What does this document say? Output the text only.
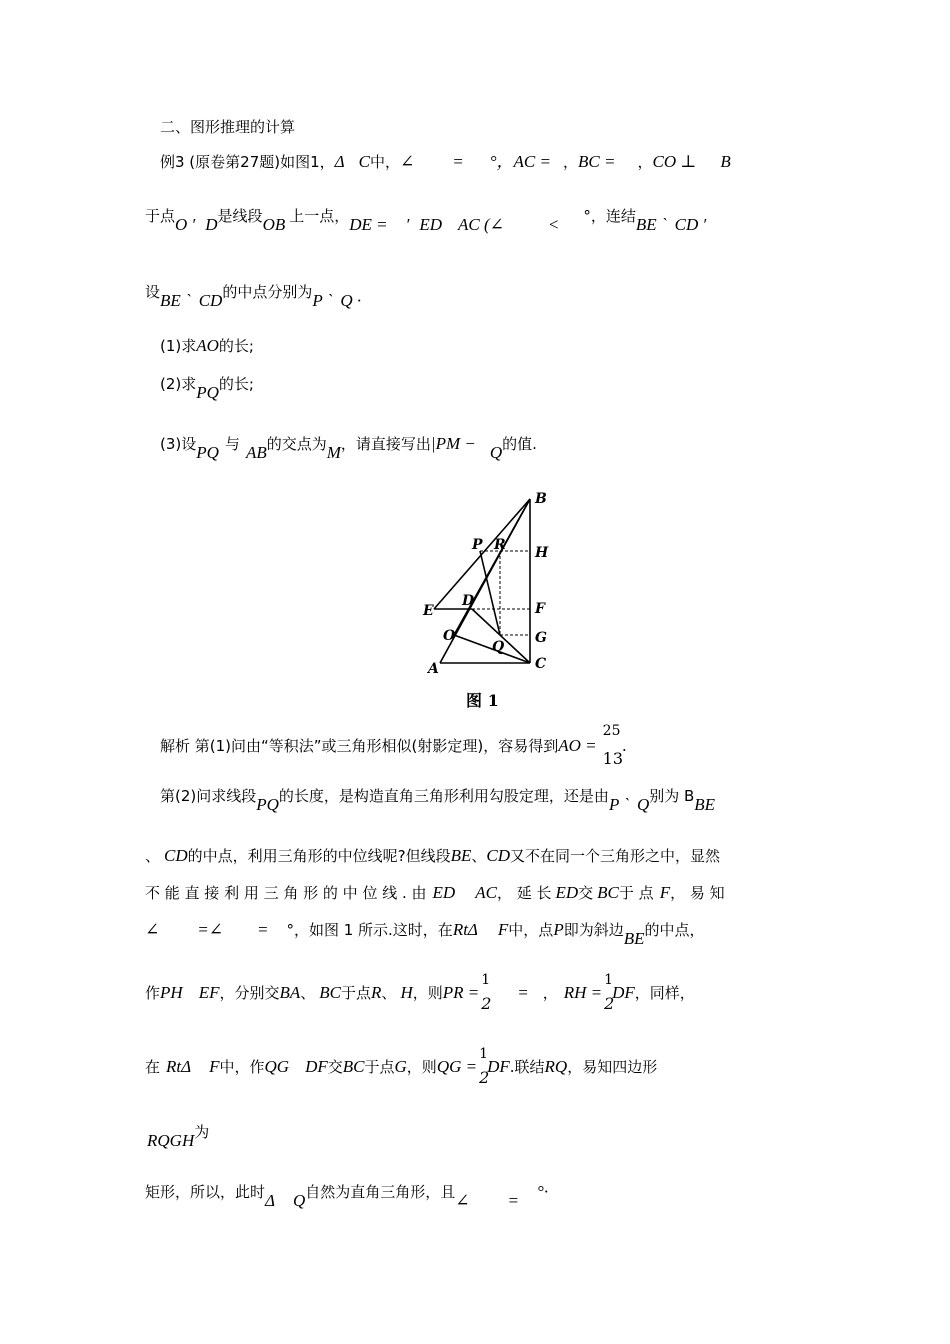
二、图形推理的计算
例3 (原卷第27题)如图1，Δ C中，∠ = °，AC = ，BC = ，CO ⊥ B
于点O ′ D是线段OB 上一点，DE = ′ ED AC (∠	< °，连结BE ` CD ′
设BE ` CD的中点分别为P ` Q ·
(1)求AO的长;
(2)求PQ的长;
(3)设PQ 与 AB的交点为M，请直接写出|PM − Q的值.
B
P R H
E
D	F
O	G
Q
A	C
图 1
解析 第(1)问由“等积法”或三角形相似(射影定理)，容易得到AO =
25
13
.
第(2)问求线段PQ的长度，是构造直角三角形利用勾股定理，还是由P ` Q别为 BBE
、 CD的中点，利用三角形的中位线呢?但线段BE、CD又不在同一个三角形之中，显然
不 能 直 接 利 用 三 角 形 的 中 位 线 . 由 ED AC， 延 长 ED交 BC于 点 F， 易 知
∠ =∠ = °，如图 1 所示.这时，在RtΔ F中，点P即为斜边BE的中点，
作PH EF，分别交BA、 BC于点R、 H，则PR =
1
2
= ， RH =
1
2
DF，同样，
在 RtΔ F中，作QG DF交BC于点G，则QG =
1
2
DF.联结RQ，易知四边形
RQGH为
矩形，所以，此时Δ Q自然为直角三角形，且∠ = °·
